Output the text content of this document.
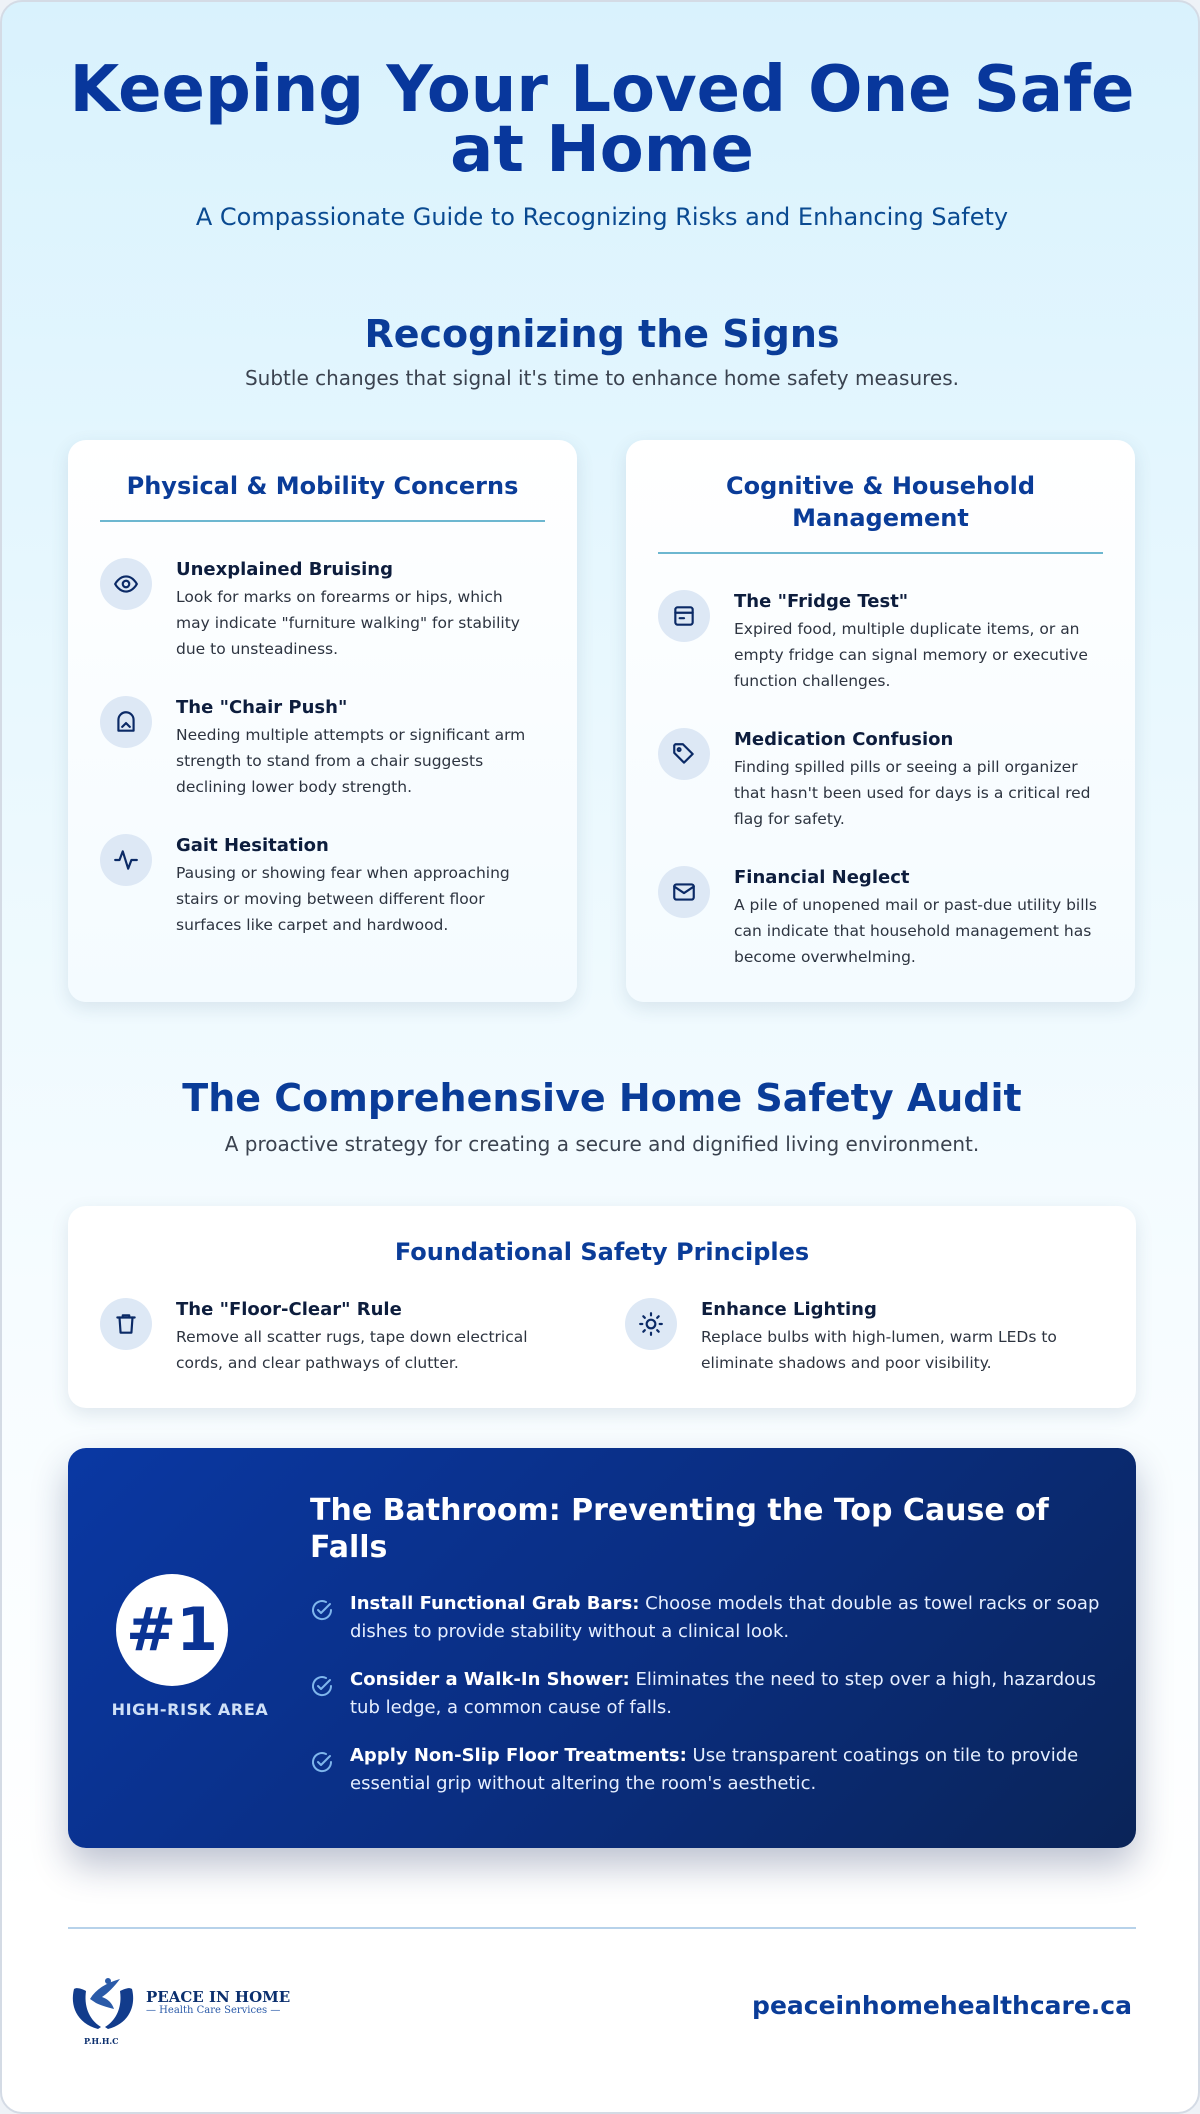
Keeping Your Loved One Safe at Home
A Compassionate Guide to Recognizing Risks and Enhancing Safety
Recognizing the Signs
Subtle changes that signal it's time to enhance home safety measures.
Physical & Mobility Concerns
Unexplained Bruising
Look for marks on forearms or hips, which may indicate "furniture walking" for stability due to unsteadiness.
The "Chair Push"
Needing multiple attempts or significant arm strength to stand from a chair suggests declining lower body strength.
Gait Hesitation
Pausing or showing fear when approaching stairs or moving between different floor surfaces like carpet and hardwood.
Cognitive & Household Management
The "Fridge Test"
Expired food, multiple duplicate items, or an empty fridge can signal memory or executive function challenges.
Medication Confusion
Finding spilled pills or seeing a pill organizer that hasn't been used for days is a critical red flag for safety.
Financial Neglect
A pile of unopened mail or past-due utility bills can indicate that household management has become overwhelming.
The Comprehensive Home Safety Audit
A proactive strategy for creating a secure and dignified living environment.
Foundational Safety Principles
The "Floor-Clear" Rule
Remove all scatter rugs, tape down electrical cords, and clear pathways of clutter.
Enhance Lighting
Replace bulbs with high-lumen, warm LEDs to eliminate shadows and poor visibility.
#1
HIGH-RISK AREA
The Bathroom: Preventing the Top Cause of Falls
Install Functional Grab Bars: Choose models that double as towel racks or soap dishes to provide stability without a clinical look.
Consider a Walk-In Shower: Eliminates the need to step over a high, hazardous tub ledge, a common cause of falls.
Apply Non-Slip Floor Treatments: Use transparent coatings on tile to provide essential grip without altering the room's aesthetic.
PEACE IN HOME
— Health Care Services —
P.H.H.C
peaceinhomehealthcare.ca
